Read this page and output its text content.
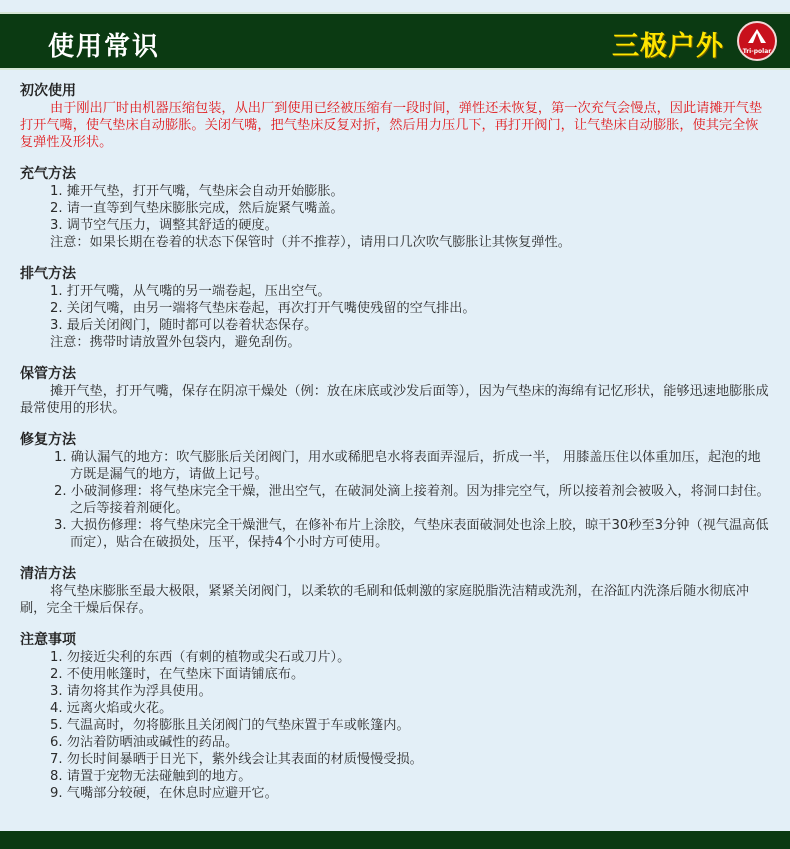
使用常识	三极户外	Tri-polar
初次使用
由于刚出厂时由机器压缩包装，从出厂到使用已经被压缩有一段时间，弹性还未恢复，第一次充气会慢点，因此请摊开气垫打开气嘴，使气垫床自动膨胀。关闭气嘴，把气垫床反复对折，然后用力压几下，再打开阀门，让气垫床自动膨胀，使其完全恢复弹性及形状。
充气方法
1. 摊开气垫，打开气嘴，气垫床会自动开始膨胀。
2. 请一直等到气垫床膨胀完成，然后旋紧气嘴盖。
3. 调节空气压力，调整其舒适的硬度。
注意：如果长期在卷着的状态下保管时（并不推荐），请用口几次吹气膨胀让其恢复弹性。
排气方法
1. 打开气嘴，从气嘴的另一端卷起，压出空气。
2. 关闭气嘴，由另一端将气垫床卷起，再次打开气嘴使残留的空气排出。
3. 最后关闭阀门，随时都可以卷着状态保存。
注意：携带时请放置外包袋内，避免刮伤。
保管方法
摊开气垫，打开气嘴，保存在阴凉干燥处（例：放在床底或沙发后面等），因为气垫床的海绵有记忆形状，能够迅速地膨胀成最常使用的形状。
修复方法
1. 确认漏气的地方：吹气膨胀后关闭阀门，用水或稀肥皂水将表面弄湿后，折成一半， 用膝盖压住以体重加压，起泡的地方既是漏气的地方，请做上记号。
2. 小破洞修理：将气垫床完全干燥，泄出空气，在破洞处滴上接着剂。因为排完空气，所以接着剂会被吸入，将洞口封住。之后等接着剂硬化。
3. 大损伤修理：将气垫床完全干燥泄气，在修补布片上涂胶，气垫床表面破洞处也涂上胶，晾干30秒至3分钟（视气温高低而定），贴合在破损处，压平，保持4个小时方可使用。
清洁方法
将气垫床膨胀至最大极限，紧紧关闭阀门，以柔软的毛刷和低刺激的家庭脱脂洗洁精或洗剂，在浴缸内洗涤后随水彻底冲刷，完全干燥后保存。
注意事项
1. 勿接近尖利的东西（有刺的植物或尖石或刀片）。
2. 不使用帐篷时，在气垫床下面请铺底布。
3. 请勿将其作为浮具使用。
4. 远离火焰或火花。
5. 气温高时，勿将膨胀且关闭阀门的气垫床置于车或帐篷内。
6. 勿沾着防晒油或碱性的药品。
7. 勿长时间暴晒于日光下，紫外线会让其表面的材质慢慢受损。
8. 请置于宠物无法碰触到的地方。
9. 气嘴部分较硬，在休息时应避开它。
